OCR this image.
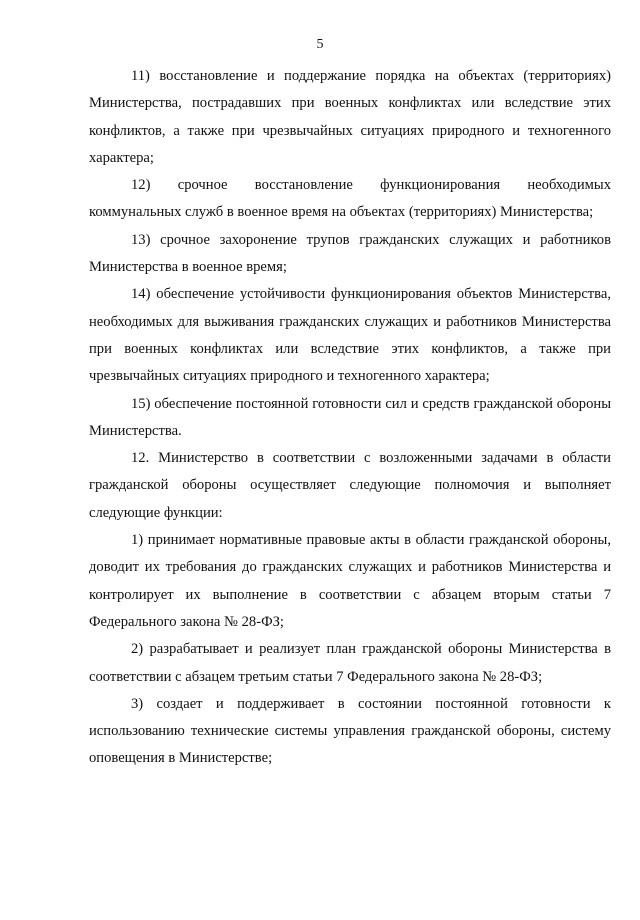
5

11) восстановление и поддержание порядка на объектах (территориях) Министерства, пострадавших при военных конфликтах или вследствие этих конфликтов, а также при чрезвычайных ситуациях природного и техногенного характера;

12) срочное восстановление функционирования необходимых коммунальных служб в военное время на объектах (территориях) Министерства;

13) срочное захоронение трупов гражданских служащих и работников Министерства в военное время;

14) обеспечение устойчивости функционирования объектов Министерства, необходимых для выживания гражданских служащих и работников Министерства при военных конфликтах или вследствие этих конфликтов, а также при чрезвычайных ситуациях природного и техногенного характера;

15) обеспечение постоянной готовности сил и средств гражданской обороны Министерства.

12. Министерство в соответствии с возложенными задачами в области гражданской обороны осуществляет следующие полномочия и выполняет следующие функции:

1) принимает нормативные правовые акты в области гражданской обороны, доводит их требования до гражданских служащих и работников Министерства и контролирует их выполнение в соответствии с абзацем вторым статьи 7 Федерального закона № 28-ФЗ;

2) разрабатывает и реализует план гражданской обороны Министерства в соответствии с абзацем третьим статьи 7 Федерального закона № 28-ФЗ;

3) создает и поддерживает в состоянии постоянной готовности к использованию технические системы управления гражданской обороны, систему оповещения в Министерстве;
